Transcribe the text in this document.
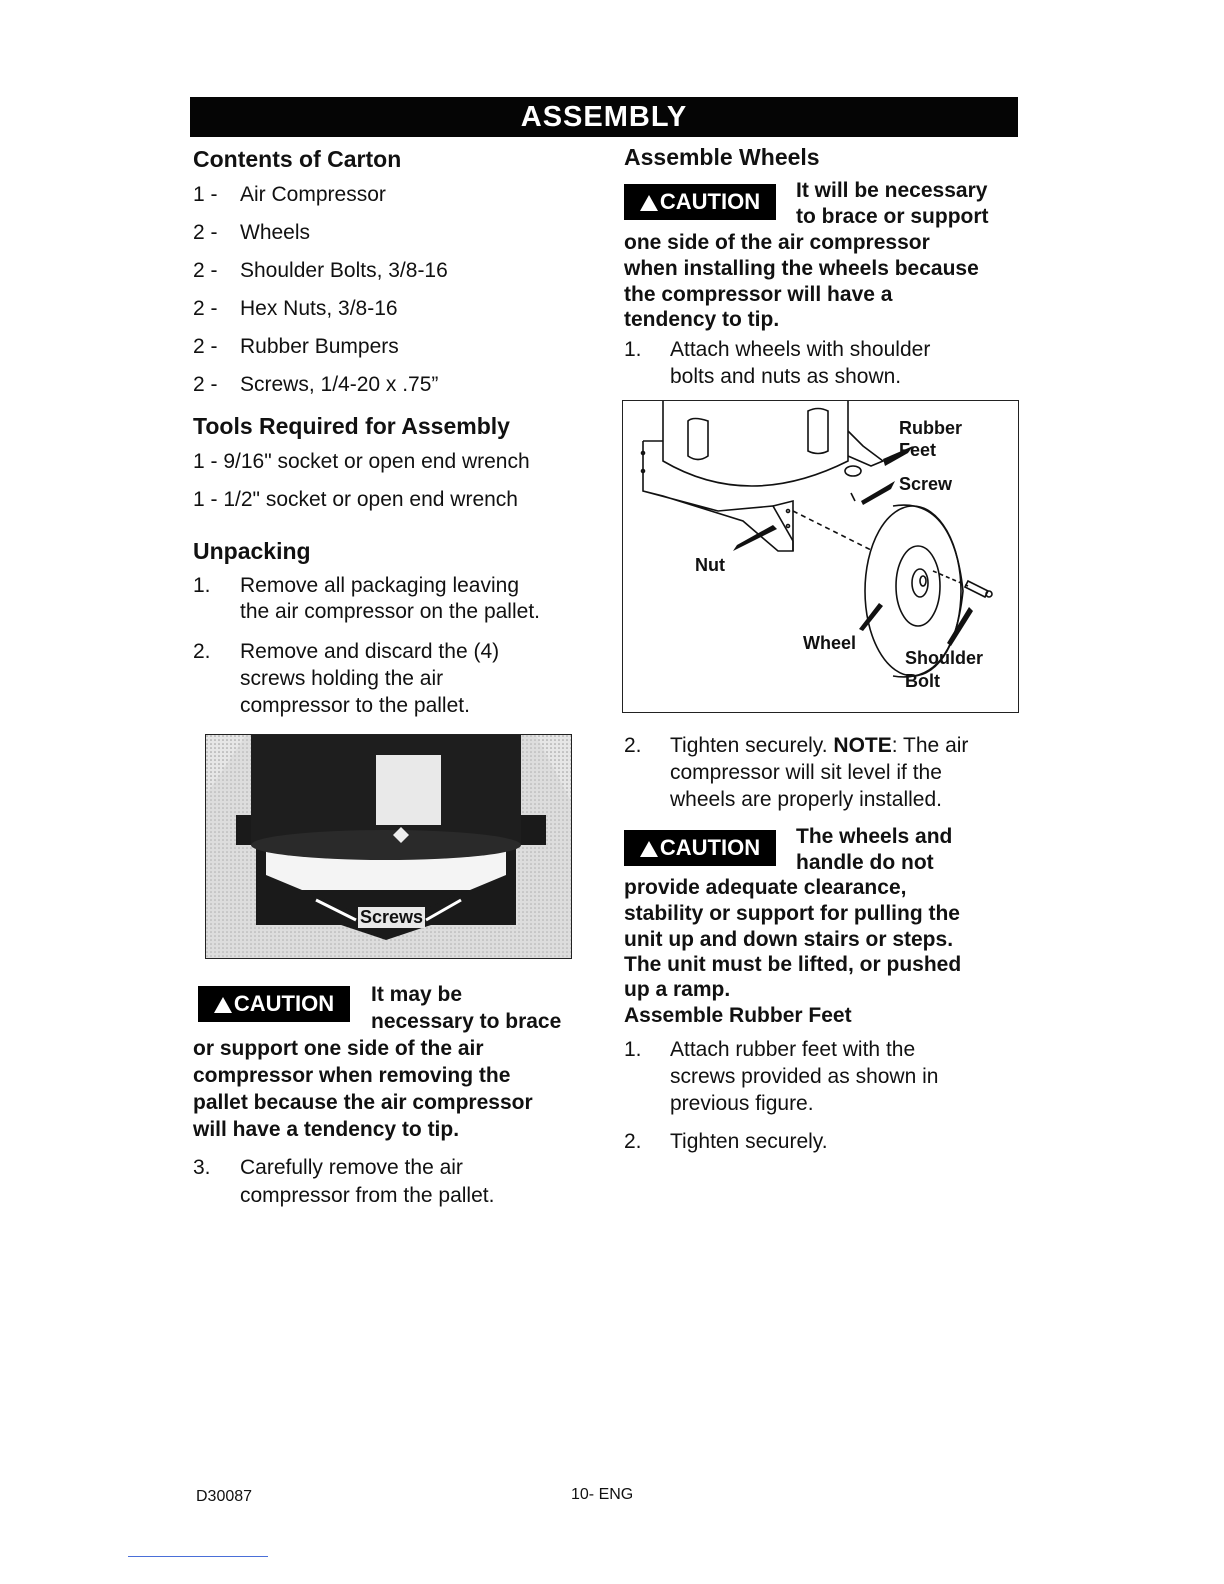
ASSEMBLY
Contents of Carton
1 - Air Compressor
2 - Wheels
2 - Shoulder Bolts, 3/8-16
2 - Hex Nuts, 3/8-16
2 - Rubber Bumpers
2 - Screws, 1/4-20 x .75”
Tools Required for Assembly
1 - 9/16" socket or open end wrench
1 - 1/2" socket or open end wrench
Unpacking
1. Remove all packaging leaving
the air compressor on the pallet.
2. Remove and discard the (4)
screws holding the air
compressor to the pallet.
Screws
CAUTION	It may be
necessary to brace
or support one side of the air
compressor when removing the
pallet because the air compressor
will have a tendency to tip.
3. Carefully remove the air
compressor from the pallet.
Assemble Wheels
CAUTION	It will be necessary
to brace or support
one side of the air compressor
when installing the wheels because
the compressor will have a
tendency to tip.
1. Attach wheels with shoulder
bolts and nuts as shown.
Rubber
Feet
Screw
Nut
Wheel
Shoulder
Bolt
2. Tighten securely. NOTE: The air
compressor will sit level if the
wheels are properly installed.
CAUTION	The wheels and
handle do not
provide adequate clearance,
stability or support for pulling the
unit up and down stairs or steps.
The unit must be lifted, or pushed
up a ramp.
Assemble Rubber Feet
1. Attach rubber feet with the
screws provided as shown in
previous figure.
2. Tighten securely.
D30087	10- ENG
